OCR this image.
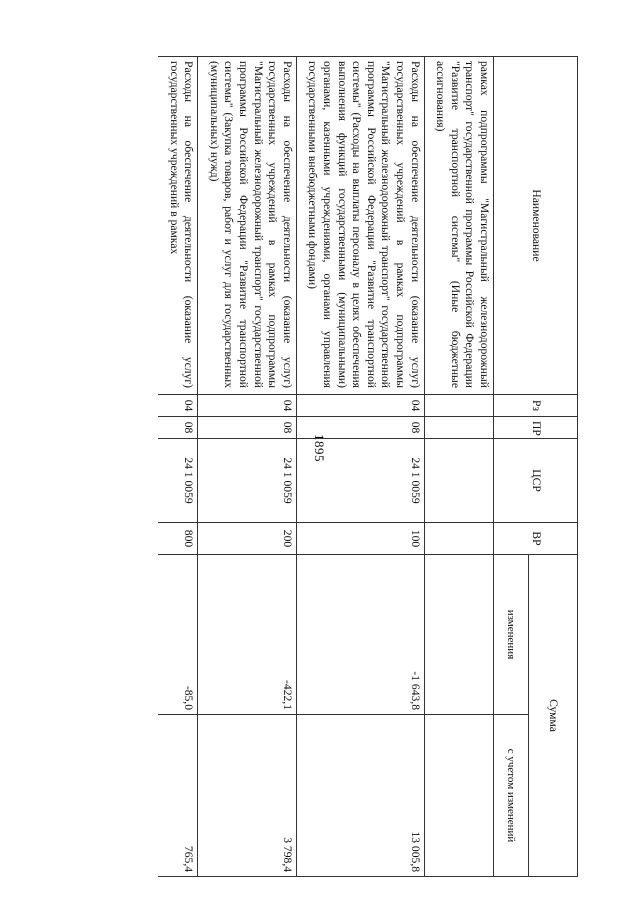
1895
Наименование	Рз	ПР	ЦСР	ВР	Сумма	
					изменения	с учетом изменений
рамках подпрограммы "Магистральный железнодорожный транспорт" государственной программы Российской Федерации "Развитие транспортной системы" (Иные бюджетные ассигнования)						
Расходы на обеспечение деятельности (оказание услуг) государственных учреждений в рамках подпрограммы "Магистральный железнодорожный транспорт" государственной программы Российской Федерации "Развитие транспортной системы" (Расходы на выплаты персоналу в целях обеспечения выполнения функций государственными (муниципальными) органами, казенными учреждениями, органами управления государственными внебюджетными фондами)	04	08	24 1 0059	100	-1 643,8	13 005,8
Расходы на обеспечение деятельности (оказание услуг) государственных учреждений в рамках подпрограммы "Магистральный железнодорожный транспорт" государственной программы Российской Федерации "Развитие транспортной системы" (Закупка товаров, работ и услуг для государственных (муниципальных) нужд)	04	08	24 1 0059	200	-422,1	3 798,4
Расходы на обеспечение деятельности (оказание услуг) государственных учреждений в рамках	04	08	24 1 0059	800	-85,0	765,4
